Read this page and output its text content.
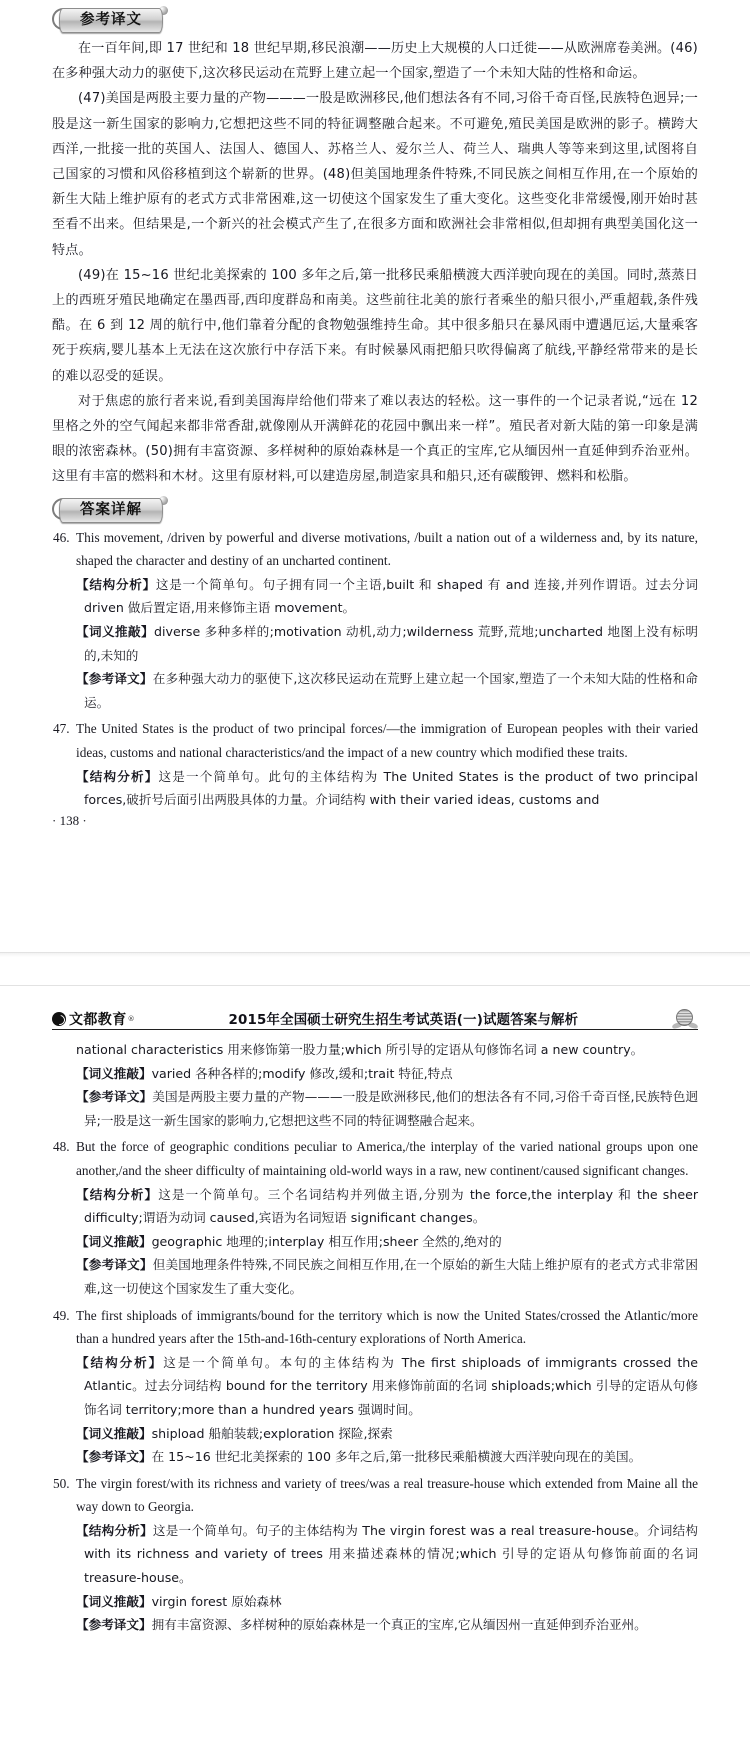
参考译文

在一百年间,即 17 世纪和 18 世纪早期,移民浪潮——历史上大规模的人口迁徙——从欧洲席卷美洲。(46)在多种强大动力的驱使下,这次移民运动在荒野上建立起一个国家,塑造了一个未知大陆的性格和命运。

(47)美国是两股主要力量的产物———一股是欧洲移民,他们想法各有不同,习俗千奇百怪,民族特色迥异;一股是这一新生国家的影响力,它想把这些不同的特征调整融合起来。不可避免,殖民美国是欧洲的影子。横跨大西洋,一批接一批的英国人、法国人、德国人、苏格兰人、爱尔兰人、荷兰人、瑞典人等等来到这里,试图将自己国家的习惯和风俗移植到这个崭新的世界。(48)但美国地理条件特殊,不同民族之间相互作用,在一个原始的新生大陆上维护原有的老式方式非常困难,这一切使这个国家发生了重大变化。这些变化非常缓慢,刚开始时甚至看不出来。但结果是,一个新兴的社会模式产生了,在很多方面和欧洲社会非常相似,但却拥有典型美国化这一特点。

(49)在 15~16 世纪北美探索的 100 多年之后,第一批移民乘船横渡大西洋驶向现在的美国。同时,蒸蒸日上的西班牙殖民地确定在墨西哥,西印度群岛和南美。这些前往北美的旅行者乘坐的船只很小,严重超载,条件残酷。在 6 到 12 周的航行中,他们靠着分配的食物勉强维持生命。其中很多船只在暴风雨中遭遇厄运,大量乘客死于疾病,婴儿基本上无法在这次旅行中存活下来。有时候暴风雨把船只吹得偏离了航线,平静经常带来的是长的难以忍受的延误。

对于焦虑的旅行者来说,看到美国海岸给他们带来了难以表达的轻松。这一事件的一个记录者说,“远在 12 里格之外的空气闻起来都非常香甜,就像刚从开满鲜花的花园中飘出来一样”。殖民者对新大陆的第一印象是满眼的浓密森林。(50)拥有丰富资源、多样树种的原始森林是一个真正的宝库,它从缅因州一直延伸到乔治亚州。这里有丰富的燃料和木材。这里有原材料,可以建造房屋,制造家具和船只,还有碳酸钾、燃料和松脂。

答案详解
46. This movement, /driven by powerful and diverse motivations, /built a nation out of a wilderness and, by its nature, shaped the character and destiny of an uncharted continent.

【结构分析】这是一个简单句。句子拥有同一个主语,built 和 shaped 有 and 连接,并列作谓语。过去分词 driven 做后置定语,用来修饰主语 movement。

【词义推敲】diverse 多种多样的;motivation 动机,动力;wilderness 荒野,荒地;uncharted 地图上没有标明的,未知的

【参考译文】在多种强大动力的驱使下,这次移民运动在荒野上建立起一个国家,塑造了一个未知大陆的性格和命运。

47. The United States is the product of two principal forces/—the immigration of European peoples with their varied ideas, customs and national characteristics/and the impact of a new country which modified these traits.

【结构分析】这是一个简单句。此句的主体结构为 The United States is the product of two principal forces,破折号后面引出两股具体的力量。介词结构 with their varied ideas, customs and

· 138 ·
文都教育 ®	2015年全国硕士研究生招生考试英语(一)试题答案与解析

national characteristics 用来修饰第一股力量;which 所引导的定语从句修饰名词 a new country。

【词义推敲】varied 各种各样的;modify 修改,缓和;trait 特征,特点

【参考译文】美国是两股主要力量的产物———一股是欧洲移民,他们的想法各有不同,习俗千奇百怪,民族特色迥异;一股是这一新生国家的影响力,它想把这些不同的特征调整融合起来。

48. But the force of geographic conditions peculiar to America,/the interplay of the varied national groups upon one another,/and the sheer difficulty of maintaining old-world ways in a raw, new continent/caused significant changes.

【结构分析】这是一个简单句。三个名词结构并列做主语,分别为 the force,the interplay 和 the sheer difficulty;谓语为动词 caused,宾语为名词短语 significant changes。

【词义推敲】geographic 地理的;interplay 相互作用;sheer 全然的,绝对的

【参考译文】但美国地理条件特殊,不同民族之间相互作用,在一个原始的新生大陆上维护原有的老式方式非常困难,这一切使这个国家发生了重大变化。

49. The first shiploads of immigrants/bound for the territory which is now the United States/crossed the Atlantic/more than a hundred years after the 15th-and-16th-century explorations of North America.

【结构分析】这是一个简单句。本句的主体结构为 The first shiploads of immigrants crossed the Atlantic。过去分词结构 bound for the territory 用来修饰前面的名词 shiploads;which 引导的定语从句修饰名词 territory;more than a hundred years 强调时间。

【词义推敲】shipload 船舶装载;exploration 探险,探索

【参考译文】在 15~16 世纪北美探索的 100 多年之后,第一批移民乘船横渡大西洋驶向现在的美国。

50. The virgin forest/with its richness and variety of trees/was a real treasure-house which extended from Maine all the way down to Georgia.

【结构分析】这是一个简单句。句子的主体结构为 The virgin forest was a real treasure-house。介词结构 with its richness and variety of trees 用来描述森林的情况;which 引导的定语从句修饰前面的名词 treasure-house。

【词义推敲】virgin forest 原始森林

【参考译文】拥有丰富资源、多样树种的原始森林是一个真正的宝库,它从缅因州一直延伸到乔治亚州。
